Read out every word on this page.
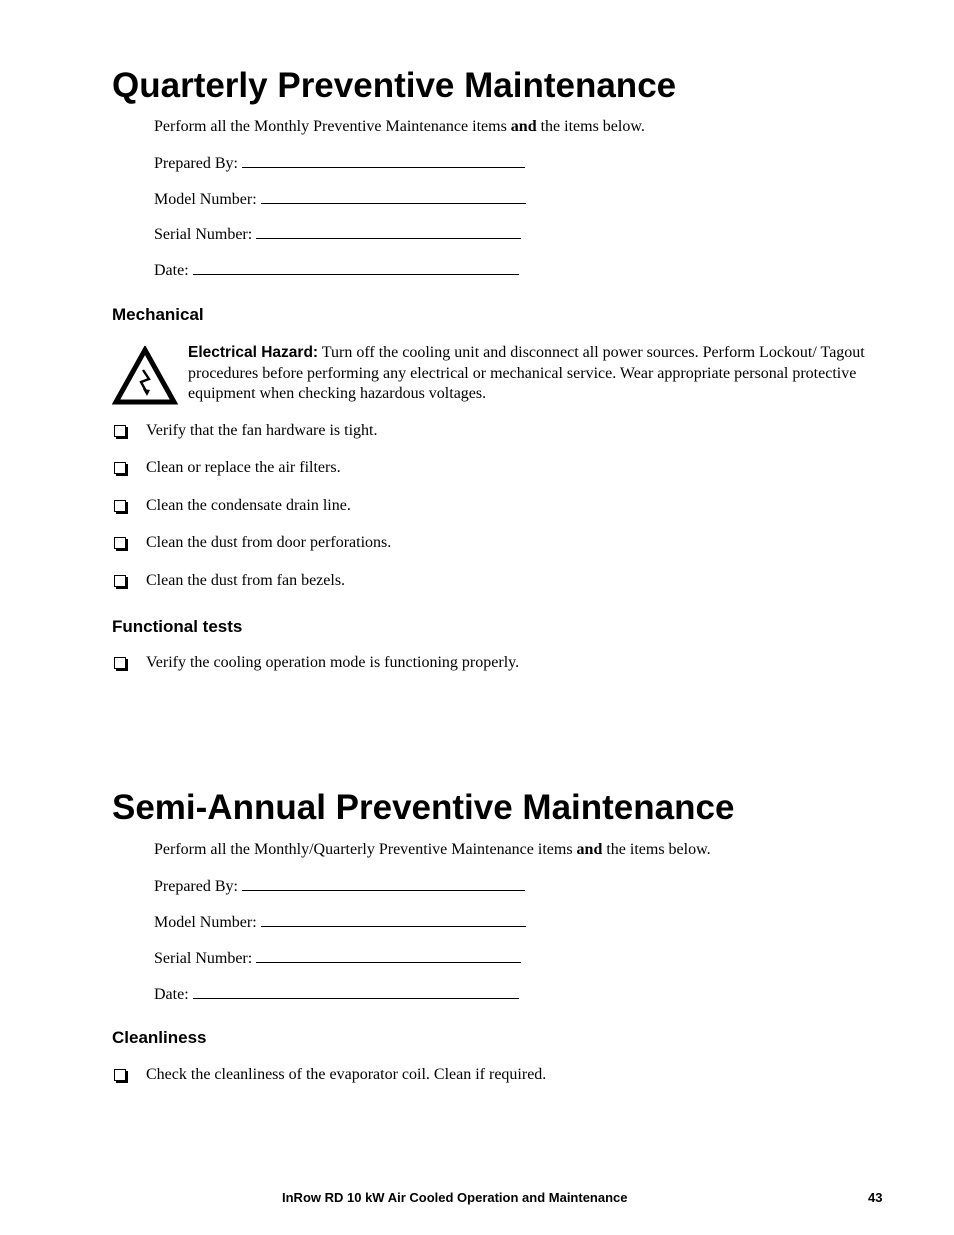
Quarterly Preventive Maintenance
Perform all the Monthly Preventive Maintenance items and the items below.
Prepared By:
Model Number:
Serial Number:
Date:
Mechanical
Electrical Hazard: Turn off the cooling unit and disconnect all power sources. Perform Lockout/ Tagout procedures before performing any electrical or mechanical service. Wear appropriate personal protective equipment when checking hazardous voltages.
Verify that the fan hardware is tight.
Clean or replace the air filters.
Clean the condensate drain line.
Clean the dust from door perforations.
Clean the dust from fan bezels.
Functional tests
Verify the cooling operation mode is functioning properly.
Semi-Annual Preventive Maintenance
Perform all the Monthly/Quarterly Preventive Maintenance items and the items below.
Prepared By:
Model Number:
Serial Number:
Date:
Cleanliness
Check the cleanliness of the evaporator coil. Clean if required.
InRow RD 10 kW Air Cooled Operation and Maintenance	43
